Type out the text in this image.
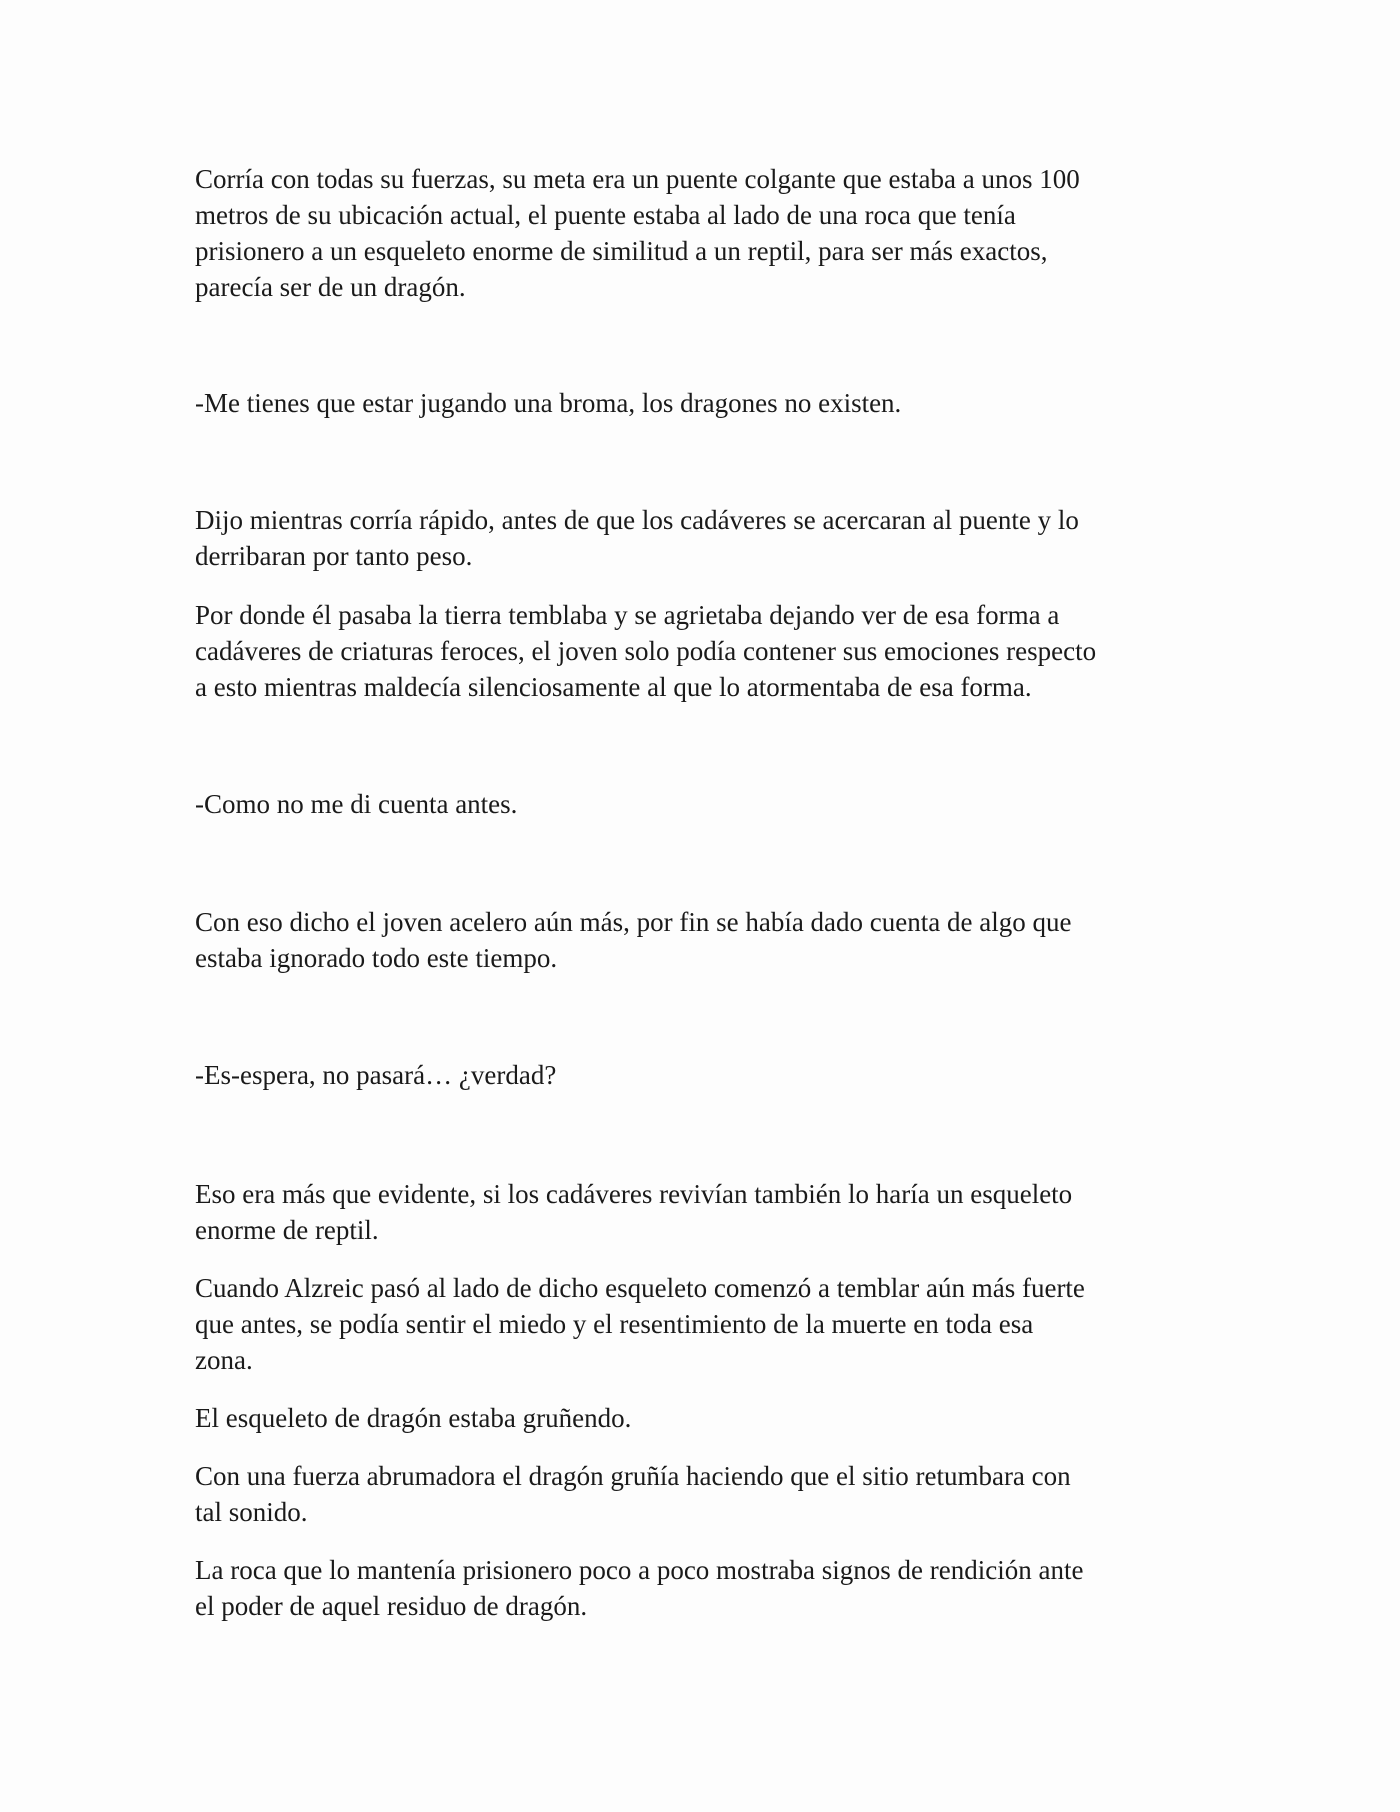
Corría con todas su fuerzas, su meta era un puente colgante que estaba a unos 100
metros de su ubicación actual, el puente estaba al lado de una roca que tenía
prisionero a un esqueleto enorme de similitud a un reptil, para ser más exactos,
parecía ser de un dragón.

-Me tienes que estar jugando una broma, los dragones no existen.

Dijo mientras corría rápido, antes de que los cadáveres se acercaran al puente y lo
derribaran por tanto peso.

Por donde él pasaba la tierra temblaba y se agrietaba dejando ver de esa forma a
cadáveres de criaturas feroces, el joven solo podía contener sus emociones respecto
a esto mientras maldecía silenciosamente al que lo atormentaba de esa forma.

-Como no me di cuenta antes.

Con eso dicho el joven acelero aún más, por fin se había dado cuenta de algo que
estaba ignorado todo este tiempo.

-Es-espera, no pasará… ¿verdad?

Eso era más que evidente, si los cadáveres revivían también lo haría un esqueleto
enorme de reptil.

Cuando Alzreic pasó al lado de dicho esqueleto comenzó a temblar aún más fuerte
que antes, se podía sentir el miedo y el resentimiento de la muerte en toda esa
zona.

El esqueleto de dragón estaba gruñendo.

Con una fuerza abrumadora el dragón gruñía haciendo que el sitio retumbara con
tal sonido.

La roca que lo mantenía prisionero poco a poco mostraba signos de rendición ante
el poder de aquel residuo de dragón.
